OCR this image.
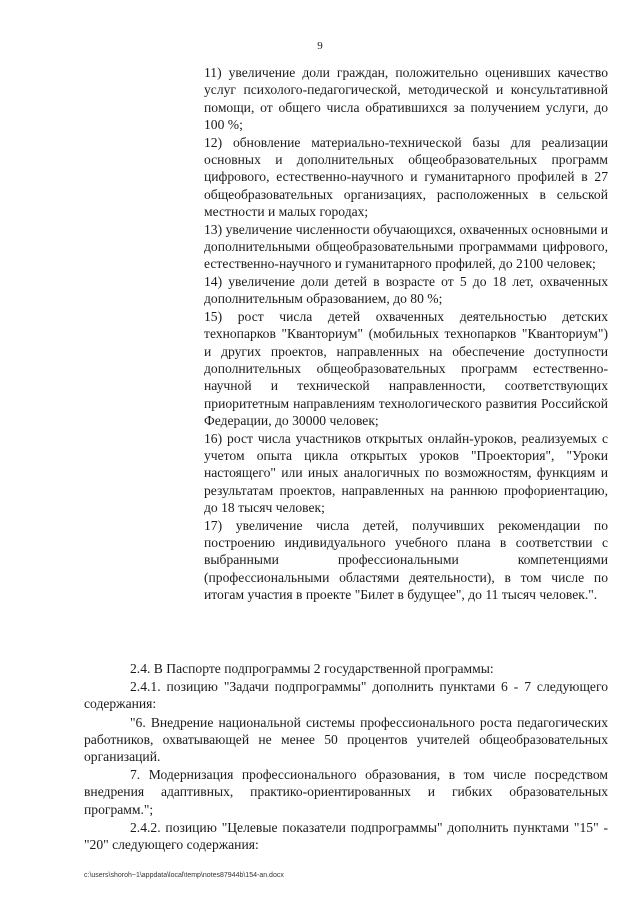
9

11) увеличение доли граждан, положительно оценивших качество услуг психолого-педагогической, методической и консультативной помощи, от общего числа обратившихся за получением услуги, до 100 %;

12) обновление материально-технической базы для реализации основных и дополнительных общеобразовательных программ цифрового, естественно-научного и гуманитарного профилей в 27 общеобразовательных организациях, расположенных в сельской местности и малых городах;

13) увеличение численности обучающихся, охваченных основными и дополнительными общеобразовательными программами цифрового, естественно-научного и гуманитарного профилей, до 2100 человек;

14) увеличение доли детей в возрасте от 5 до 18 лет, охваченных дополнительным образованием, до 80 %;

15) рост числа детей охваченных деятельностью детских технопарков "Кванториум" (мобильных технопарков "Кванториум") и других проектов, направленных на обеспечение доступности дополнительных общеобразовательных программ естественно-научной и технической направленности, соответствующих приоритетным направлениям технологического развития Российской Федерации, до 30000 человек;

16) рост числа участников открытых онлайн-уроков, реализуемых с учетом опыта цикла открытых уроков "Проектория", "Уроки настоящего" или иных аналогичных по возможностям, функциям и результатам проектов, направленных на раннюю профориентацию, до 18 тысяч человек;

17) увеличение числа детей, получивших рекомендации по построению индивидуального учебного плана в соответствии с выбранными профессиональными компетенциями (профессиональными областями деятельности), в том числе по итогам участия в проекте "Билет в будущее", до 11 тысяч человек.".

2.4. В Паспорте подпрограммы 2 государственной программы:

2.4.1. позицию "Задачи подпрограммы" дополнить пунктами 6 - 7 следующего содержания:

"6. Внедрение национальной системы профессионального роста педагогических работников, охватывающей не менее 50 процентов учителей общеобразовательных организаций.

7. Модернизация профессионального образования, в том числе посредством внедрения адаптивных, практико-ориентированных и гибких образовательных программ.";

2.4.2. позицию "Целевые показатели подпрограммы" дополнить пунктами "15" - "20" следующего содержания:

c:\users\shoroh~1\appdata\local\temp\notes87944b\154-an.docx
